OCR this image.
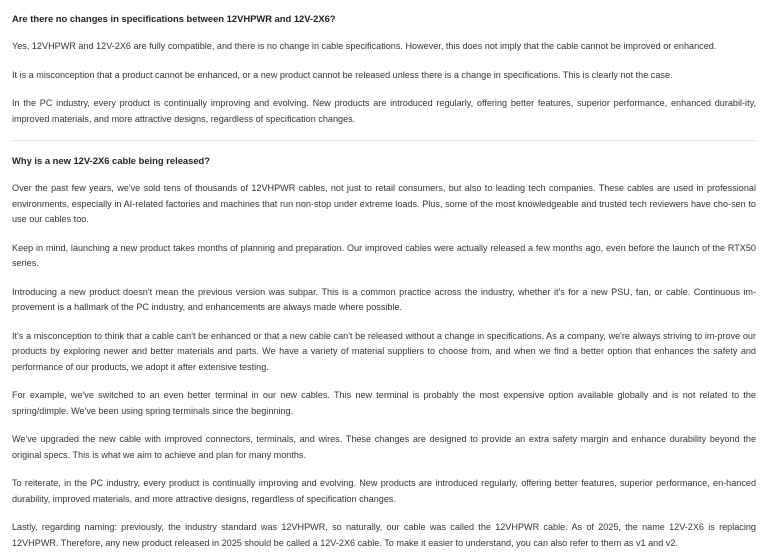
Are there no changes in specifications between 12VHPWR and 12V-2X6?

Yes, 12VHPWR and 12V-2X6 are fully compatible, and there is no change in cable specifications. However, this does not imply that the cable cannot be improved or enhanced.

It is a misconception that a product cannot be enhanced, or a new product cannot be released unless there is a change in specifications. This is clearly not the case.

In the PC industry, every product is continually improving and evolving. New products are introduced regularly, offering better features, superior performance, enhanced durabil-ity, improved materials, and more attractive designs, regardless of specification changes.

Why is a new 12V-2X6 cable being released?

Over the past few years, we've sold tens of thousands of 12VHPWR cables, not just to retail consumers, but also to leading tech companies. These cables are used in professional environments, especially in AI-related factories and machines that run non-stop under extreme loads. Plus, some of the most knowledgeable and trusted tech reviewers have cho-sen to use our cables too.

Keep in mind, launching a new product takes months of planning and preparation. Our improved cables were actually released a few months ago, even before the launch of the RTX50 series.

Introducing a new product doesn't mean the previous version was subpar. This is a common practice across the industry, whether it's for a new PSU, fan, or cable. Continuous im-provement is a hallmark of the PC industry, and enhancements are always made where possible.

It's a misconception to think that a cable can't be enhanced or that a new cable can't be released without a change in specifications. As a company, we're always striving to im-prove our products by exploring newer and better materials and parts. We have a variety of material suppliers to choose from, and when we find a better option that enhances the safety and performance of our products, we adopt it after extensive testing.

For example, we've switched to an even better terminal in our new cables. This new terminal is probably the most expensive option available globally and is not related to the spring/dimple. We've been using spring terminals since the beginning.

We've upgraded the new cable with improved connectors, terminals, and wires. These changes are designed to provide an extra safety margin and enhance durability beyond the original specs. This is what we aim to achieve and plan for many months.

To reiterate, in the PC industry, every product is continually improving and evolving. New products are introduced regularly, offering better features, superior performance, en-hanced durability, improved materials, and more attractive designs, regardless of specification changes.

Lastly, regarding naming: previously, the industry standard was 12VHPWR, so naturally, our cable was called the 12VHPWR cable. As of 2025, the name 12V-2X6 is replacing 12VHPWR. Therefore, any new product released in 2025 should be called a 12V-2X6 cable. To make it easier to understand, you can also refer to them as v1 and v2.
